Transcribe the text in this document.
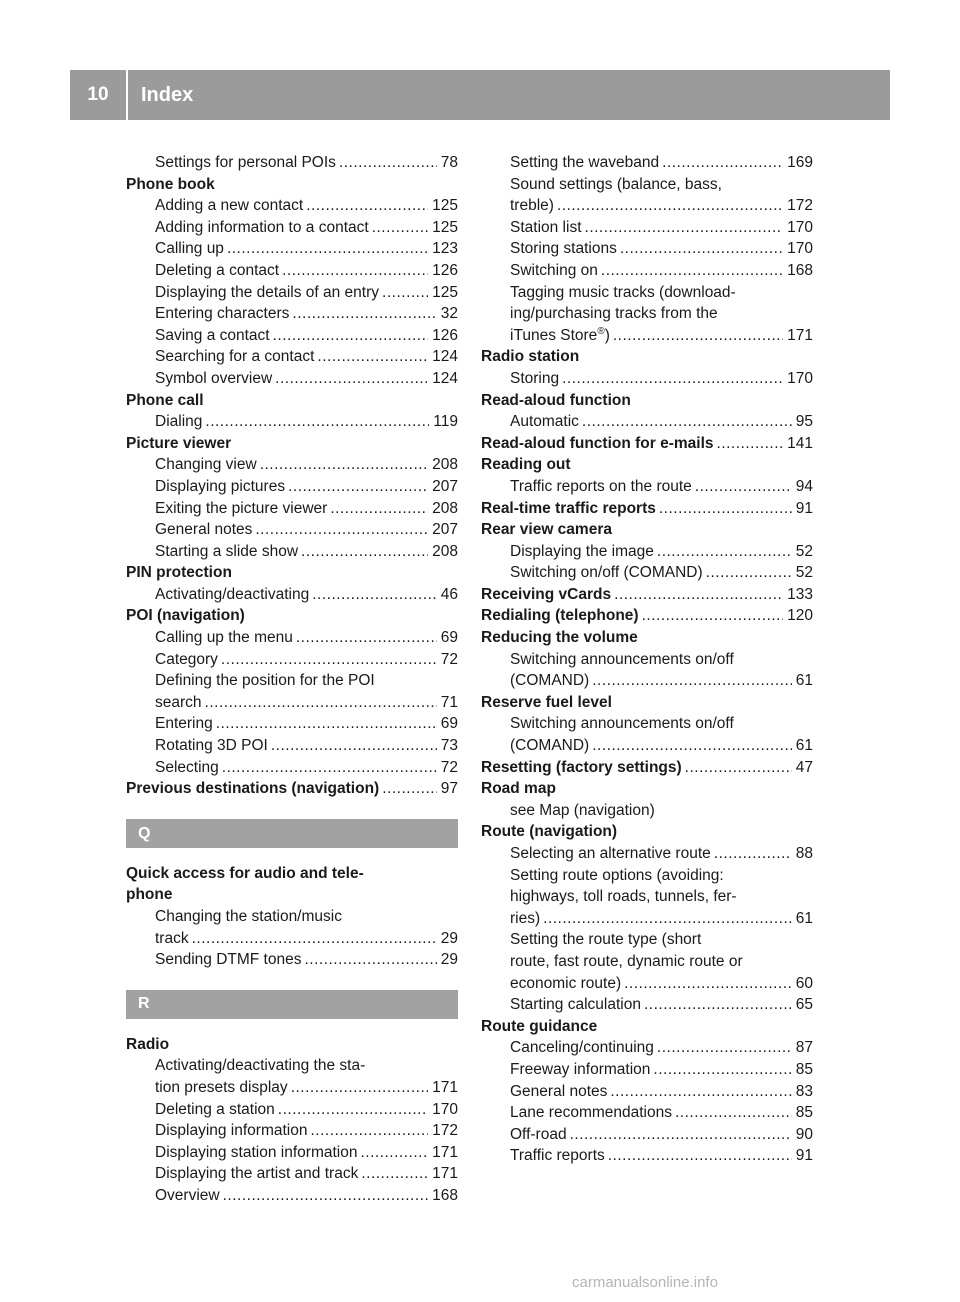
10	Index
Settings for personal POIs .....	78
Phone book
Adding a new contact .....	125
Adding information to a contact .....	125
Calling up .....	123
Deleting a contact .....	126
Displaying the details of an entry .....	125
Entering characters .....	32
Saving a contact .....	126
Searching for a contact .....	124
Symbol overview .....	124
Phone call
Dialing .....	119
Picture viewer
Changing view .....	208
Displaying pictures .....	207
Exiting the picture viewer .....	208
General notes .....	207
Starting a slide show .....	208
PIN protection
Activating/deactivating .....	46
POI (navigation)
Calling up the menu .....	69
Category .....	72
Defining the position for the POI
search .....	71
Entering .....	69
Rotating 3D POI .....	73
Selecting .....	72
Previous destinations (navigation) .....	97
Q
Quick access for audio and tele-
phone
Changing the station/music
track .....	29
Sending DTMF tones .....	29
R
Radio
Activating/deactivating the sta-
tion presets display .....	171
Deleting a station .....	170
Displaying information .....	172
Displaying station information .....	171
Displaying the artist and track .....	171
Overview .....	168
Setting the waveband .....	169
Sound settings (balance, bass,
treble) .....	172
Station list .....	170
Storing stations .....	170
Switching on .....	168
Tagging music tracks (download-
ing/purchasing tracks from the
iTunes Store®) .....	171
Radio station
Storing .....	170
Read-aloud function
Automatic .....	95
Read-aloud function for e-mails .....	141
Reading out
Traffic reports on the route .....	94
Real-time traffic reports .....	91
Rear view camera
Displaying the image .....	52
Switching on/off (COMAND) .....	52
Receiving vCards .....	133
Redialing (telephone) .....	120
Reducing the volume
Switching announcements on/off
(COMAND) .....	61
Reserve fuel level
Switching announcements on/off
(COMAND) .....	61
Resetting (factory settings) .....	47
Road map
see Map (navigation)
Route (navigation)
Selecting an alternative route .....	88
Setting route options (avoiding:
highways, toll roads, tunnels, fer-
ries) .....	61
Setting the route type (short
route, fast route, dynamic route or
economic route) .....	60
Starting calculation .....	65
Route guidance
Canceling/continuing .....	87
Freeway information .....	85
General notes .....	83
Lane recommendations .....	85
Off-road .....	90
Traffic reports .....	91
carmanualsonline.info
